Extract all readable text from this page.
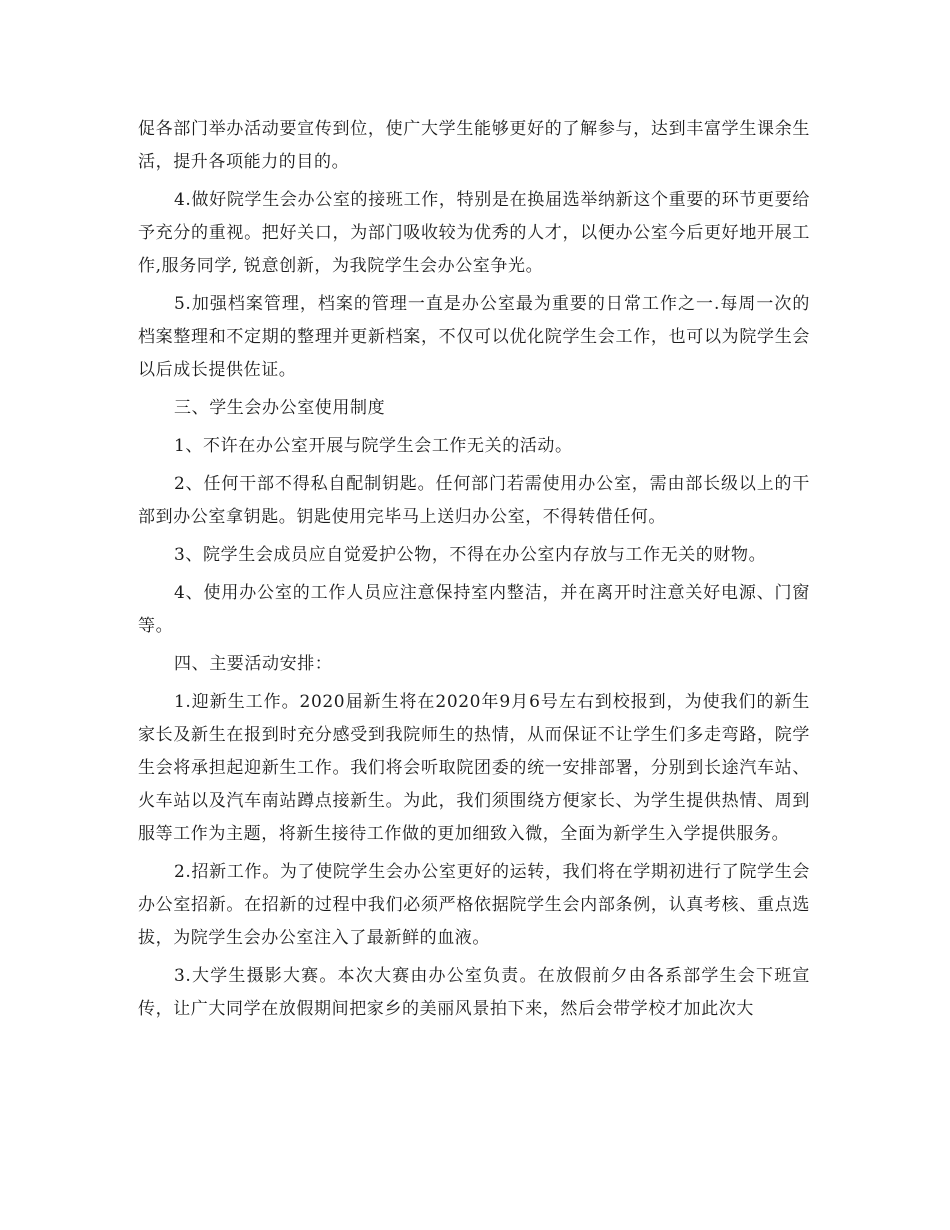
促各部门举办活动要宣传到位，使广大学生能够更好的了解参与，达到丰富学生课余生活，提升各项能力的目的。

4.做好院学生会办公室的接班工作，特别是在换届选举纳新这个重要的环节更要给予充分的重视。把好关口，为部门吸收较为优秀的人才，以便办公室今后更好地开展工作,服务同学, 锐意创新，为我院学生会办公室争光。

5.加强档案管理，档案的管理一直是办公室最为重要的日常工作之一.每周一次的档案整理和不定期的整理并更新档案，不仅可以优化院学生会工作，也可以为院学生会以后成长提供佐证。

三、学生会办公室使用制度

1、不许在办公室开展与院学生会工作无关的活动。

2、任何干部不得私自配制钥匙。任何部门若需使用办公室，需由部长级以上的干部到办公室拿钥匙。钥匙使用完毕马上送归办公室，不得转借任何。

3、院学生会成员应自觉爱护公物，不得在办公室内存放与工作无关的财物。

4、使用办公室的工作人员应注意保持室内整洁，并在离开时注意关好电源、门窗等。

四、主要活动安排：

1.迎新生工作。2020届新生将在2020年9月6号左右到校报到，为使我们的新生家长及新生在报到时充分感受到我院师生的热情，从而保证不让学生们多走弯路，院学生会将承担起迎新生工作。我们将会听取院团委的统一安排部署，分别到长途汽车站、火车站以及汽车南站蹲点接新生。为此，我们须围绕方便家长、为学生提供热情、周到服等工作为主题，将新生接待工作做的更加细致入微，全面为新学生入学提供服务。

2.招新工作。为了使院学生会办公室更好的运转，我们将在学期初进行了院学生会办公室招新。在招新的过程中我们必须严格依据院学生会内部条例，认真考核、重点选拔，为院学生会办公室注入了最新鲜的血液。

3.大学生摄影大赛。本次大赛由办公室负责。在放假前夕由各系部学生会下班宣传，让广大同学在放假期间把家乡的美丽风景拍下来，然后会带学校才加此次大
